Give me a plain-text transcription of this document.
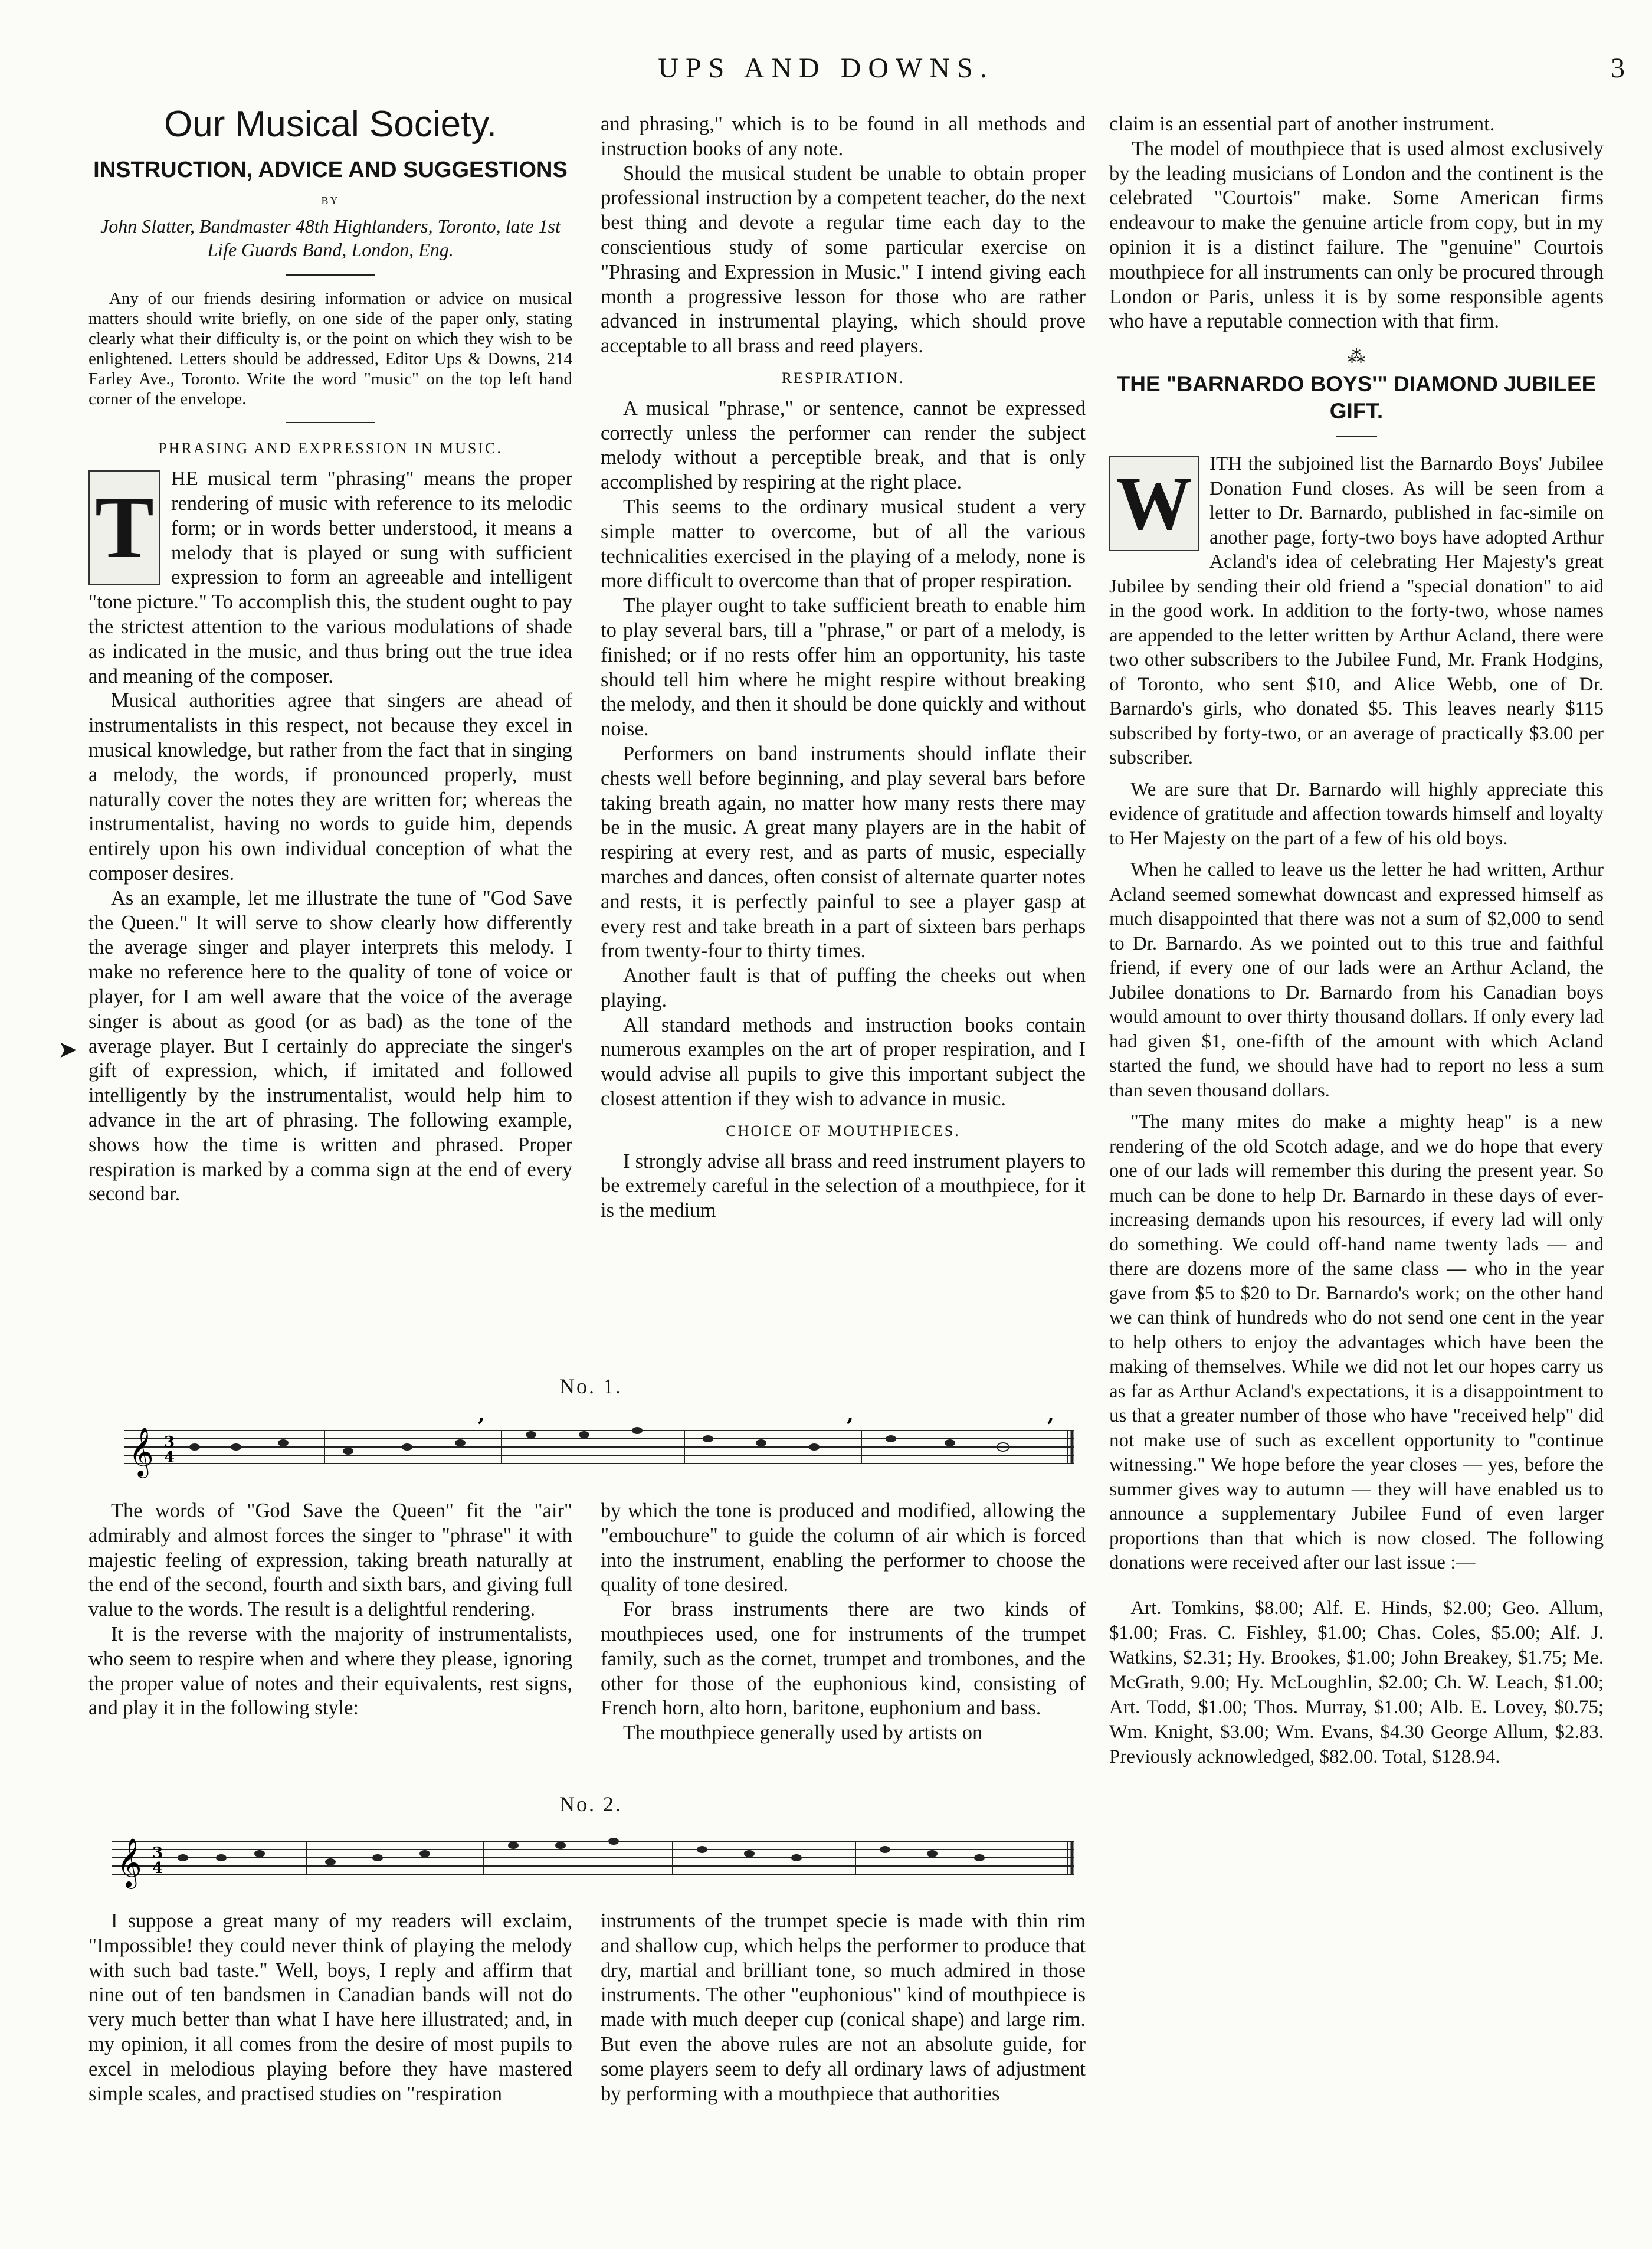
UPS AND DOWNS.	3
Our Musical Society.
INSTRUCTION, ADVICE AND SUGGESTIONS
BY
John Slatter, Bandmaster 48th Highlanders, Toronto, late 1st Life Guards Band, London, Eng.
Any of our friends desiring information or advice on musical matters should write briefly, on one side of the paper only, stating clearly what their difficulty is, or the point on which they wish to be enlightened. Letters should be addressed, Editor Ups & Downs, 214 Farley Ave., Toronto. Write the word "music" on the top left hand corner of the envelope.
PHRASING AND EXPRESSION IN MUSIC.
T HE musical term "phrasing" means the proper rendering of music with reference to its melodic form; or in words better understood, it means a melody that is played or sung with sufficient expression to form an agreeable and intelligent "tone picture." To accomplish this, the student ought to pay the strictest attention to the various modulations of shade as indicated in the music, and thus bring out the true idea and meaning of the composer.

Musical authorities agree that singers are ahead of instrumentalists in this respect, not because they excel in musical knowledge, but rather from the fact that in singing a melody, the words, if pronounced properly, must naturally cover the notes they are written for; whereas the instrumentalist, having no words to guide him, depends entirely upon his own individual conception of what the composer desires.

As an example, let me illustrate the tune of "God Save the Queen." It will serve to show clearly how differently the average singer and player interprets this melody. I make no reference here to the quality of tone of voice or player, for I am well aware that the voice of the average singer is about as good (or as bad) as the tone of the average player. But I certainly do appreciate the singer's gift of expression, which, if imitated and followed intelligently by the instrumentalist, would help him to advance in the art of phrasing. The following example, shows how the time is written and phrased. Proper respiration is marked by a comma sign at the end of every second bar.

➤

and phrasing," which is to be found in all methods and instruction books of any note.

Should the musical student be unable to obtain proper professional instruction by a competent teacher, do the next best thing and devote a regular time each day to the conscientious study of some particular exercise on "Phrasing and Expression in Music." I intend giving each month a progressive lesson for those who are rather advanced in instrumental playing, which should prove acceptable to all brass and reed players.

RESPIRATION.

A musical "phrase," or sentence, cannot be expressed correctly unless the performer can render the subject melody without a perceptible break, and that is only accomplished by respiring at the right place.

This seems to the ordinary musical student a very simple matter to overcome, but of all the various technicalities exercised in the playing of a melody, none is more difficult to overcome than that of proper respiration.

The player ought to take sufficient breath to enable him to play several bars, till a "phrase," or part of a melody, is finished; or if no rests offer him an opportunity, his taste should tell him where he might respire without breaking the melody, and then it should be done quickly and without noise.

Performers on band instruments should inflate their chests well before beginning, and play several bars before taking breath again, no matter how many rests there may be in the music. A great many players are in the habit of respiring at every rest, and as parts of music, especially marches and dances, often consist of alternate quarter notes and rests, it is perfectly painful to see a player gasp at every rest and take breath in a part of sixteen bars perhaps from twenty-four to thirty times.

Another fault is that of puffing the cheeks out when playing.

All standard methods and instruction books contain numerous examples on the art of proper respiration, and I would advise all pupils to give this important subject the closest attention if they wish to advance in music.

CHOICE OF MOUTHPIECES.

I strongly advise all brass and reed instrument players to be extremely careful in the selection of a mouthpiece, for it is the medium

claim is an essential part of another instrument.

The model of mouthpiece that is used almost exclusively by the leading musicians of London and the continent is the celebrated "Courtois" make. Some American firms endeavour to make the genuine article from copy, but in my opinion it is a distinct failure. The "genuine" Courtois mouthpiece for all instruments can only be procured through London or Paris, unless it is by some responsible agents who have a reputable connection with that firm.

⁂
THE "BARNARDO BOYS'" DIAMOND JUBILEE GIFT.
W ITH the subjoined list the Barnardo Boys' Jubilee Donation Fund closes. As will be seen from a letter to Dr. Barnardo, published in fac-simile on another page, forty-two boys have adopted Arthur Acland's idea of celebrating Her Majesty's great Jubilee by sending their old friend a "special donation" to aid in the good work. In addition to the forty-two, whose names are appended to the letter written by Arthur Acland, there were two other subscribers to the Jubilee Fund, Mr. Frank Hodgins, of Toronto, who sent $10, and Alice Webb, one of Dr. Barnardo's girls, who donated $5. This leaves nearly $115 subscribed by forty-two, or an average of practically $3.00 per subscriber.

We are sure that Dr. Barnardo will highly appreciate this evidence of gratitude and affection towards himself and loyalty to Her Majesty on the part of a few of his old boys.

When he called to leave us the letter he had written, Arthur Acland seemed somewhat downcast and expressed himself as much disappointed that there was not a sum of $2,000 to send to Dr. Barnardo. As we pointed out to this true and faithful friend, if every one of our lads were an Arthur Acland, the Jubilee donations to Dr. Barnardo from his Canadian boys would amount to over thirty thousand dollars. If only every lad had given $1, one-fifth of the amount with which Acland started the fund, we should have had to report no less a sum than seven thousand dollars.

"The many mites do make a mighty heap" is a new rendering of the old Scotch adage, and we do hope that every one of our lads will remember this during the present year. So much can be done to help Dr. Barnardo in these days of ever-increasing demands upon his resources, if every lad will only do something. We could off-hand name twenty lads — and there are dozens more of the same class — who in the year gave from $5 to $20 to Dr. Barnardo's work; on the other hand we can think of hundreds who do not send one cent in the year to help others to enjoy the advantages which have been the making of themselves. While we did not let our hopes carry us as far as Arthur Acland's expectations, it is a disappointment to us that a greater number of those who have "received help" did not make use of such as excellent opportunity to "continue witnessing." We hope before the year closes — yes, before the summer gives way to autumn — they will have enabled us to announce a supplementary Jubilee Fund of even larger proportions than that which is now closed. The following donations were received after our last issue :—

Art. Tomkins, $8.00; Alf. E. Hinds, $2.00; Geo. Allum, $1.00; Fras. C. Fishley, $1.00; Chas. Coles, $5.00; Alf. J. Watkins, $2.31; Hy. Brookes, $1.00; John Breakey, $1.75; Me. McGrath, 9.00; Hy. McLoughlin, $2.00; Ch. W. Leach, $1.00; Art. Todd, $1.00; Thos. Murray, $1.00; Alb. E. Lovey, $0.75; Wm. Knight, $3.00; Wm. Evans, $4.30 George Allum, $2.83. Previously acknowledged, $82.00. Total, $128.94.

No. 1.
𝄞 3
4
,	,	,

The words of "God Save the Queen" fit the "air" admirably and almost forces the singer to "phrase" it with majestic feeling of expression, taking breath naturally at the end of the second, fourth and sixth bars, and giving full value to the words. The result is a delightful rendering.

It is the reverse with the majority of instrumentalists, who seem to respire when and where they please, ignoring the proper value of notes and their equivalents, rest signs, and play it in the following style:

by which the tone is produced and modified, allowing the "embouchure" to guide the column of air which is forced into the instrument, enabling the performer to choose the quality of tone desired.

For brass instruments there are two kinds of mouthpieces used, one for instruments of the trumpet family, such as the cornet, trumpet and trombones, and the other for those of the euphonious kind, consisting of French horn, alto horn, baritone, euphonium and bass.

The mouthpiece generally used by artists on

No. 2.
𝄞 3
4

I suppose a great many of my readers will exclaim, "Impossible! they could never think of playing the melody with such bad taste." Well, boys, I reply and affirm that nine out of ten bandsmen in Canadian bands will not do very much better than what I have here illustrated; and, in my opinion, it all comes from the desire of most pupils to excel in melodious playing before they have mastered simple scales, and practised studies on "respiration

instruments of the trumpet specie is made with thin rim and shallow cup, which helps the performer to produce that dry, martial and brilliant tone, so much admired in those instruments. The other "euphonious" kind of mouthpiece is made with much deeper cup (conical shape) and large rim. But even the above rules are not an absolute guide, for some players seem to defy all ordinary laws of adjustment by performing with a mouthpiece that authorities
